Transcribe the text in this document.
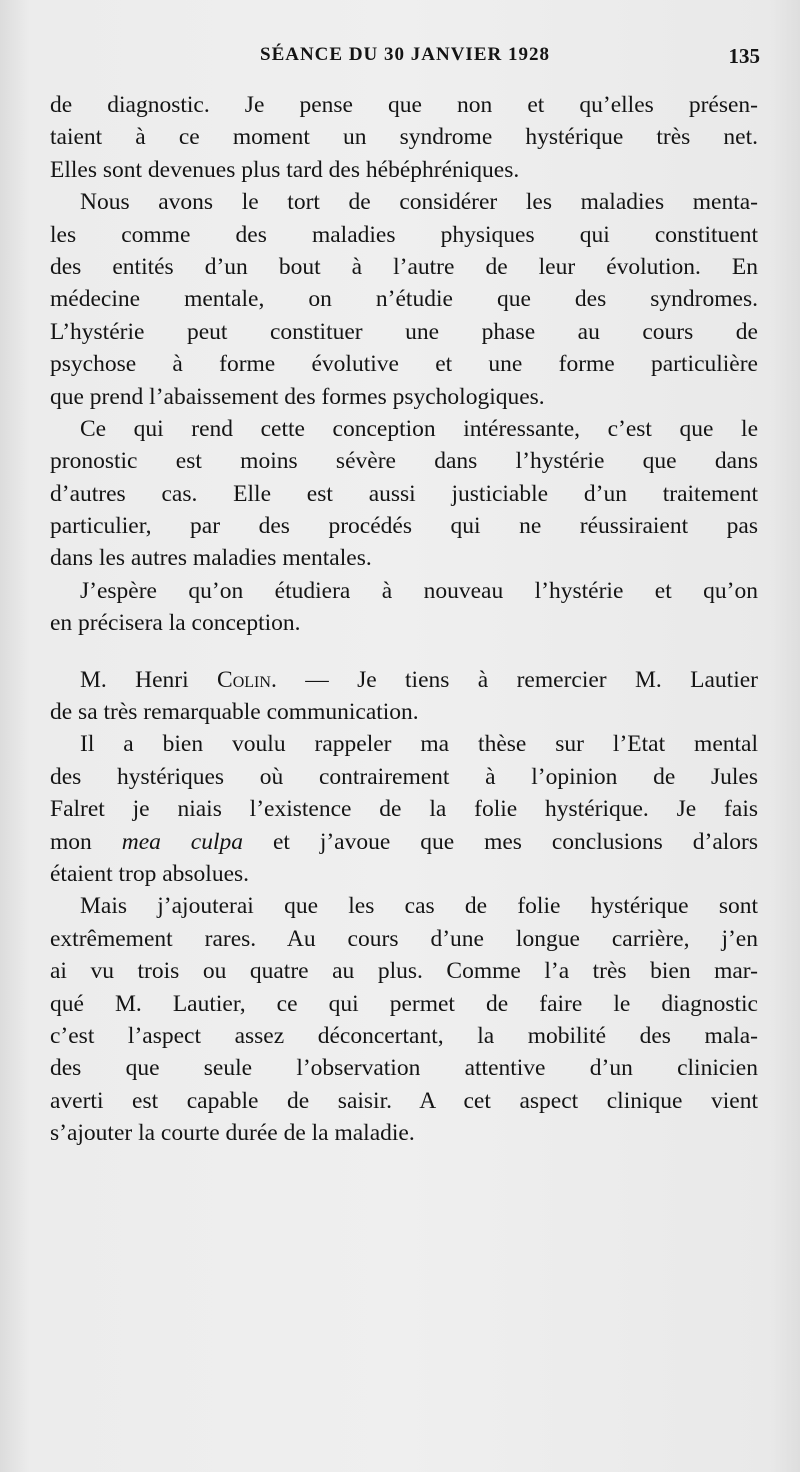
SÉANCE DU 30 JANVIER 1928	135
de diagnostic. Je pense que non et qu’elles présen-
taient à ce moment un syndrome hystérique très net.
Elles sont devenues plus tard des hébéphréniques.
Nous avons le tort de considérer les maladies menta-
les comme des maladies physiques qui constituent
des entités d’un bout à l’autre de leur évolution. En
médecine mentale, on n’étudie que des syndromes.
L’hystérie peut constituer une phase au cours de
psychose à forme évolutive et une forme particulière
que prend l’abaissement des formes psychologiques.
Ce qui rend cette conception intéressante, c’est que le
pronostic est moins sévère dans l’hystérie que dans
d’autres cas. Elle est aussi justiciable d’un traitement
particulier, par des procédés qui ne réussiraient pas
dans les autres maladies mentales.
J’espère qu’on étudiera à nouveau l’hystérie et qu’on
en précisera la conception.
M. Henri Colin. — Je tiens à remercier M. Lautier
de sa très remarquable communication.
Il a bien voulu rappeler ma thèse sur l’Etat mental
des hystériques où contrairement à l’opinion de Jules
Falret je niais l’existence de la folie hystérique. Je fais
mon mea culpa et j’avoue que mes conclusions d’alors
étaient trop absolues.
Mais j’ajouterai que les cas de folie hystérique sont
extrêmement rares. Au cours d’une longue carrière, j’en
ai vu trois ou quatre au plus. Comme l’a très bien mar-
qué M. Lautier, ce qui permet de faire le diagnostic
c’est l’aspect assez déconcertant, la mobilité des mala-
des que seule l’observation attentive d’un clinicien
averti est capable de saisir. A cet aspect clinique vient
s’ajouter la courte durée de la maladie.
